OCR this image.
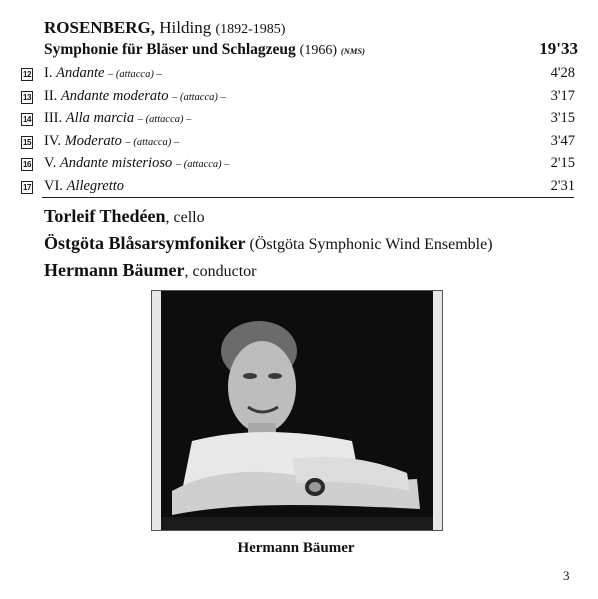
ROSENBERG, Hilding (1892-1985)
Symphonie für Bläser und Schlagzeug (1966) (NMS)	19'33
12 I. Andante – (attacca) –	4'28
13 II. Andante moderato – (attacca) –	3'17
14 III. Alla marcia – (attacca) –	3'15
15 IV. Moderato – (attacca) –	3'47
16 V. Andante misterioso – (attacca) –	2'15
17 VI. Allegretto	2'31
Torleif Thedéen, cello
Östgöta Blåsarsymfoniker (Östgöta Symphonic Wind Ensemble)
Hermann Bäumer, conductor
Hermann Bäumer
3
